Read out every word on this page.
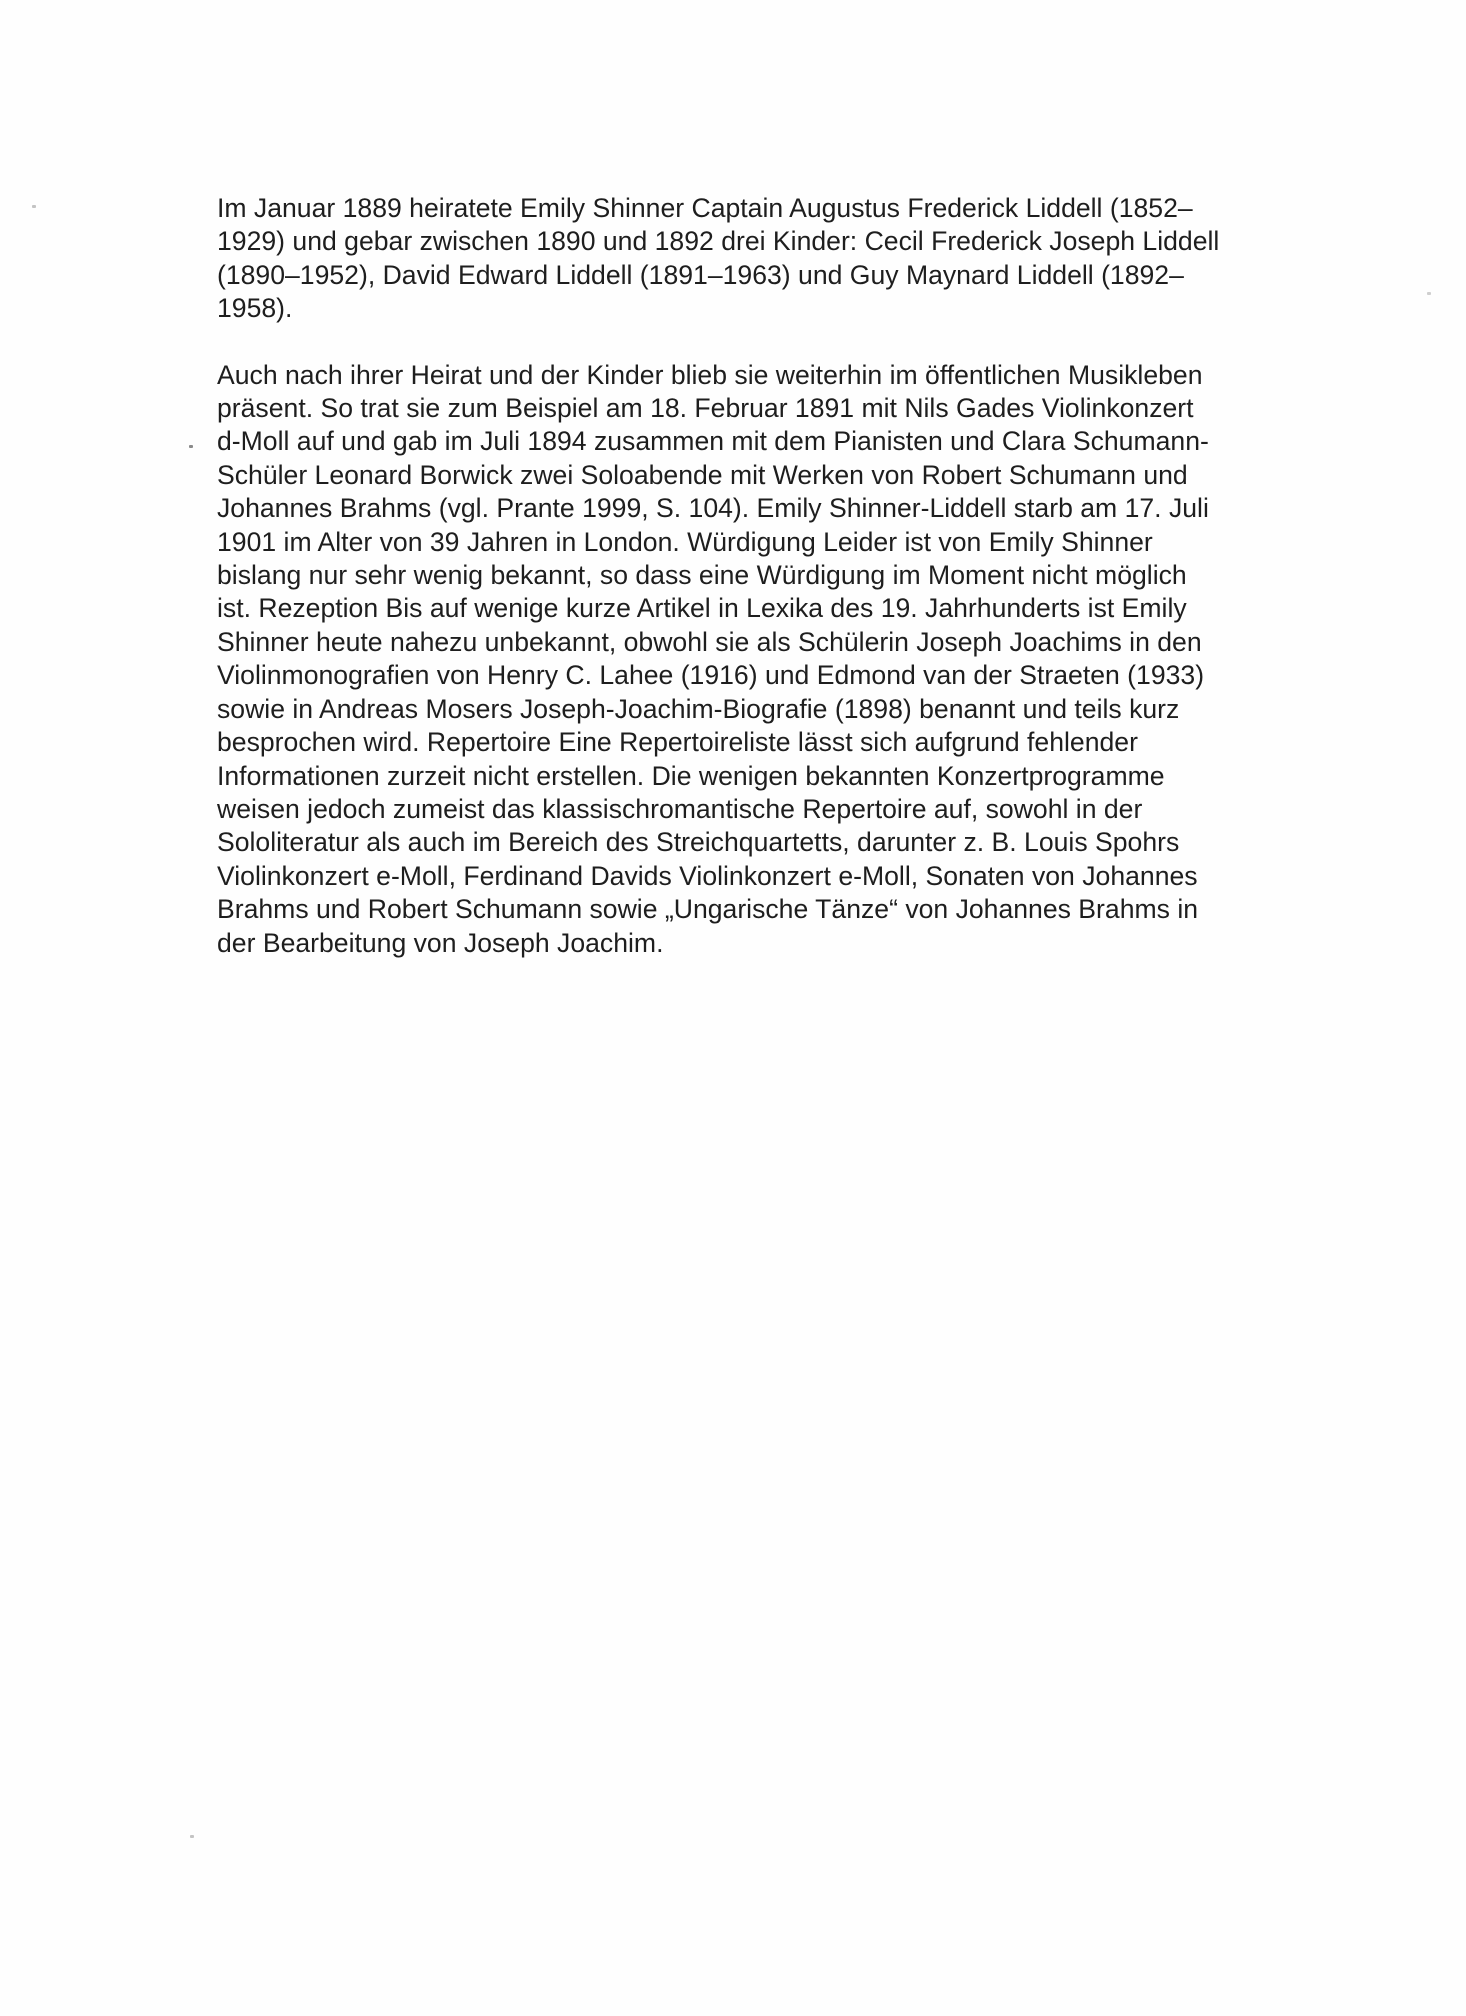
Im Januar 1889 heiratete Emily Shinner Captain Augustus Frederick Liddell (1852–
1929) und gebar zwischen 1890 und 1892 drei Kinder: Cecil Frederick Joseph Liddell
(1890–1952), David Edward Liddell (1891–1963) und Guy Maynard Liddell (1892–
1958).

Auch nach ihrer Heirat und der Kinder blieb sie weiterhin im öffentlichen Musikleben
präsent. So trat sie zum Beispiel am 18. Februar 1891 mit Nils Gades Violinkonzert
d-Moll auf und gab im Juli 1894 zusammen mit dem Pianisten und Clara Schumann-
Schüler Leonard Borwick zwei Soloabende mit Werken von Robert Schumann und
Johannes Brahms (vgl. Prante 1999, S. 104). Emily Shinner-Liddell starb am 17. Juli
1901 im Alter von 39 Jahren in London. Würdigung Leider ist von Emily Shinner
bislang nur sehr wenig bekannt, so dass eine Würdigung im Moment nicht möglich
ist. Rezeption Bis auf wenige kurze Artikel in Lexika des 19. Jahrhunderts ist Emily
Shinner heute nahezu unbekannt, obwohl sie als Schülerin Joseph Joachims in den
Violinmonografien von Henry C. Lahee (1916) und Edmond van der Straeten (1933)
sowie in Andreas Mosers Joseph-Joachim-Biografie (1898) benannt und teils kurz
besprochen wird. Repertoire Eine Repertoireliste lässt sich aufgrund fehlender
Informationen zurzeit nicht erstellen. Die wenigen bekannten Konzertprogramme
weisen jedoch zumeist das klassischromantische Repertoire auf, sowohl in der
Sololiteratur als auch im Bereich des Streichquartetts, darunter z. B. Louis Spohrs
Violinkonzert e-Moll, Ferdinand Davids Violinkonzert e-Moll, Sonaten von Johannes
Brahms und Robert Schumann sowie „Ungarische Tänze“ von Johannes Brahms in
der Bearbeitung von Joseph Joachim.
